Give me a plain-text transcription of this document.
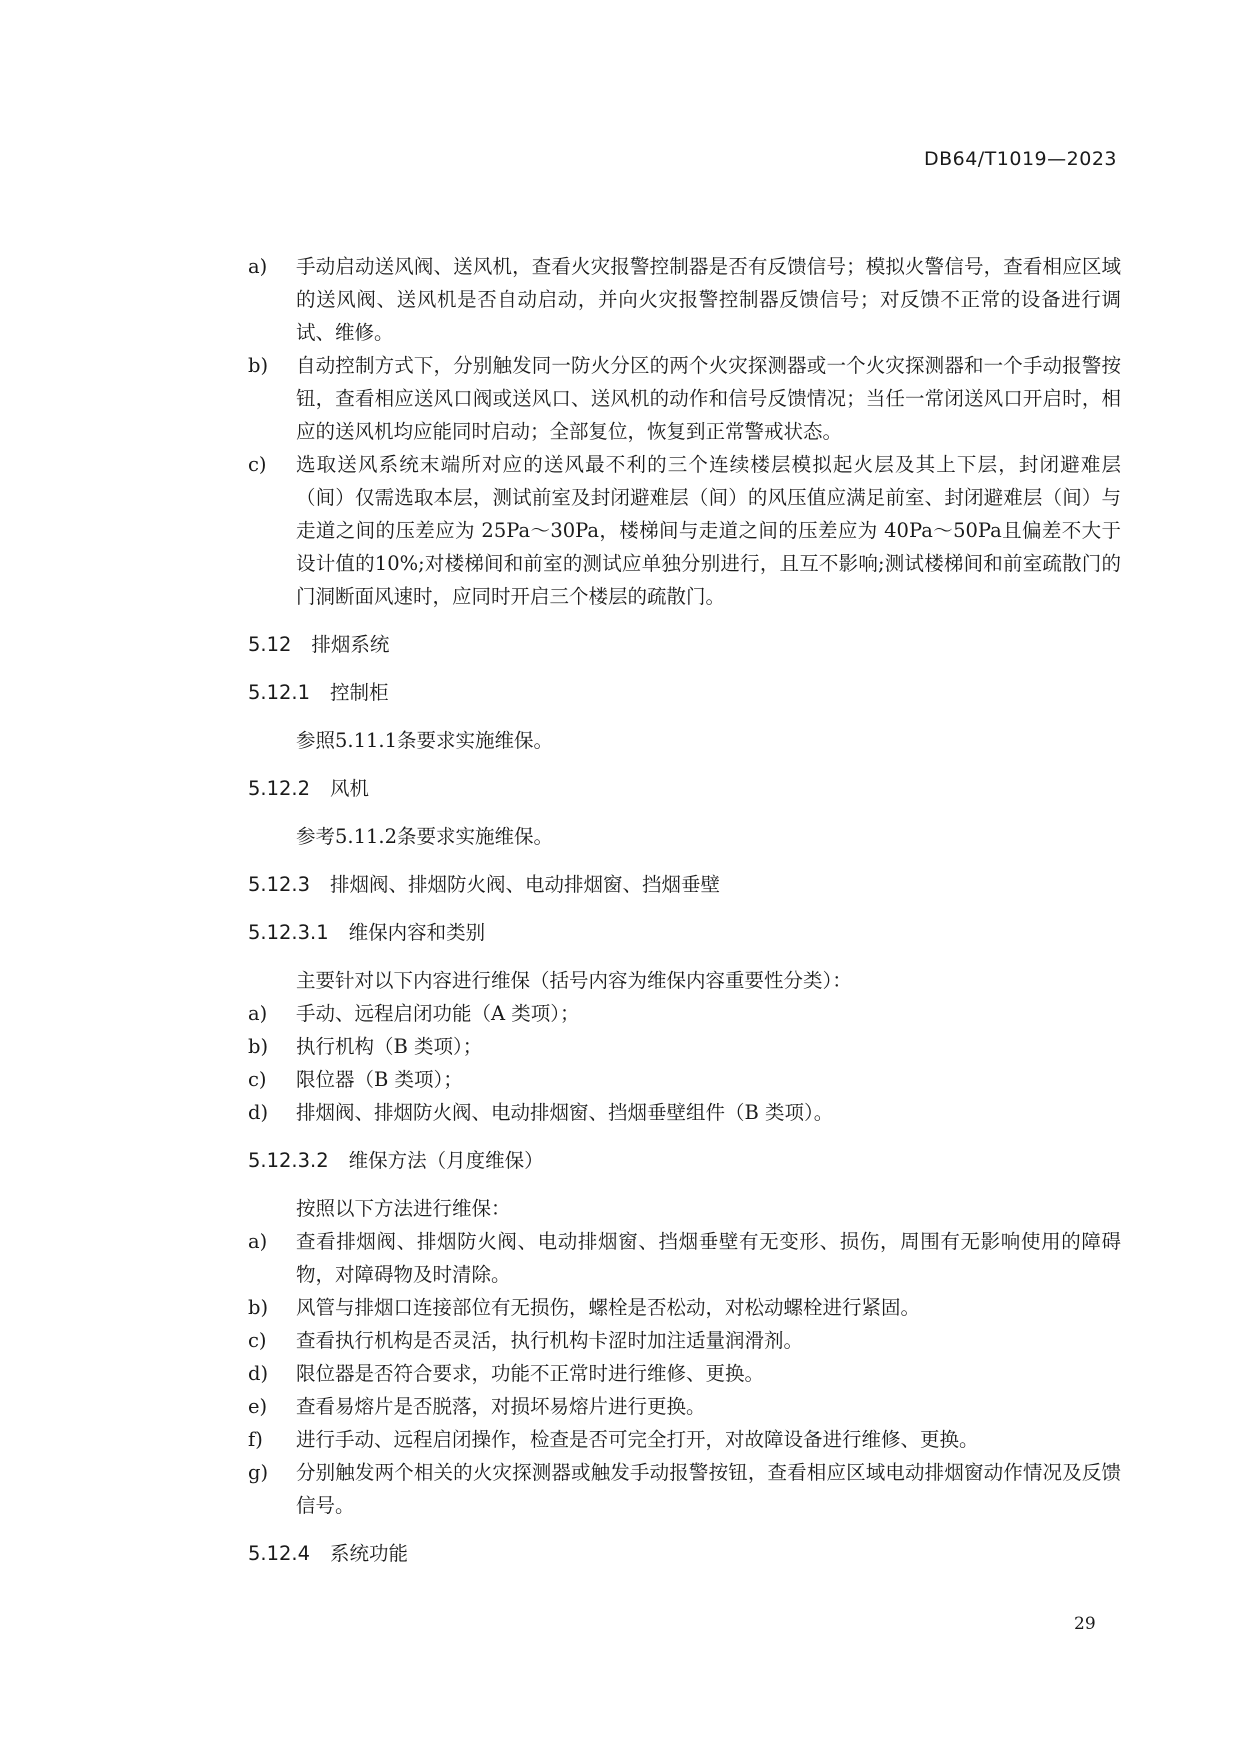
DB64/T1019—2023
a)	手动启动送风阀、送风机，查看火灾报警控制器是否有反馈信号；模拟火警信号，查看相应区域的送风阀、送风机是否自动启动，并向火灾报警控制器反馈信号；对反馈不正常的设备进行调试、维修。
b)	自动控制方式下，分别触发同一防火分区的两个火灾探测器或一个火灾探测器和一个手动报警按钮，查看相应送风口阀或送风口、送风机的动作和信号反馈情况；当任一常闭送风口开启时，相应的送风机均应能同时启动；全部复位，恢复到正常警戒状态。
c)	选取送风系统末端所对应的送风最不利的三个连续楼层模拟起火层及其上下层，封闭避难层（间）仅需选取本层，测试前室及封闭避难层（间）的风压值应满足前室、封闭避难层（间）与走道之间的压差应为 25Pa～30Pa，楼梯间与走道之间的压差应为 40Pa～50Pa且偏差不大于设计值的10%;对楼梯间和前室的测试应单独分别进行，且互不影响;测试楼梯间和前室疏散门的门洞断面风速时，应同时开启三个楼层的疏散门。
5.12 排烟系统
5.12.1 控制柜
参照5.11.1条要求实施维保。
5.12.2 风机
参考5.11.2条要求实施维保。
5.12.3 排烟阀、排烟防火阀、电动排烟窗、挡烟垂壁
5.12.3.1 维保内容和类别
主要针对以下内容进行维保（括号内容为维保内容重要性分类）：
a)	手动、远程启闭功能（A 类项）；
b)	执行机构（B 类项）；
c)	限位器（B 类项）；
d)	排烟阀、排烟防火阀、电动排烟窗、挡烟垂壁组件（B 类项）。
5.12.3.2 维保方法（月度维保）
按照以下方法进行维保：
a)	查看排烟阀、排烟防火阀、电动排烟窗、挡烟垂壁有无变形、损伤，周围有无影响使用的障碍物，对障碍物及时清除。
b)	风管与排烟口连接部位有无损伤，螺栓是否松动，对松动螺栓进行紧固。
c)	查看执行机构是否灵活，执行机构卡涩时加注适量润滑剂。
d)	限位器是否符合要求，功能不正常时进行维修、更换。
e)	查看易熔片是否脱落，对损坏易熔片进行更换。
f)	进行手动、远程启闭操作，检查是否可完全打开，对故障设备进行维修、更换。
g)	分别触发两个相关的火灾探测器或触发手动报警按钮，查看相应区域电动排烟窗动作情况及反馈信号。
5.12.4 系统功能
29
